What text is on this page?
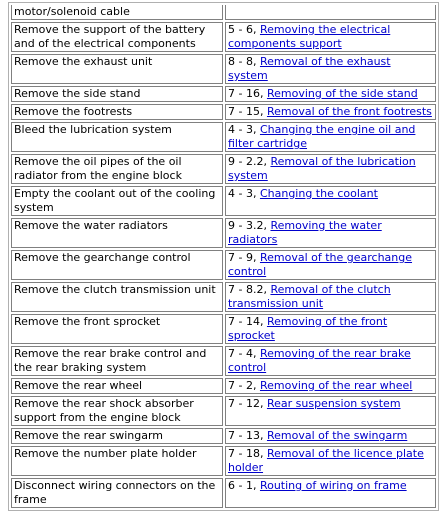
motor/solenoid cable	
Remove the support of the battery and of the electrical components	5 - 6, Removing the electrical components support
Remove the exhaust unit	8 - 8, Removal of the exhaust system
Remove the side stand	7 - 16, Removing of the side stand
Remove the footrests	7 - 15, Removal of the front footrests
Bleed the lubrication system	4 - 3, Changing the engine oil and filter cartridge
Remove the oil pipes of the oil radiator from the engine block	9 - 2.2, Removal of the lubrication system
Empty the coolant out of the cooling system	4 - 3, Changing the coolant
Remove the water radiators	9 - 3.2, Removing the water radiators
Remove the gearchange control	7 - 9, Removal of the gearchange control
Remove the clutch transmission unit	7 - 8.2, Removal of the clutch transmission unit
Remove the front sprocket	7 - 14, Removing of the front sprocket
Remove the rear brake control and the rear braking system	7 - 4, Removing of the rear brake control
Remove the rear wheel	7 - 2, Removing of the rear wheel
Remove the rear shock absorber support from the engine block	7 - 12, Rear suspension system
Remove the rear swingarm	7 - 13, Removal of the swingarm
Remove the number plate holder	7 - 18, Removal of the licence plate holder
Disconnect wiring connectors on the frame	6 - 1, Routing of wiring on frame
